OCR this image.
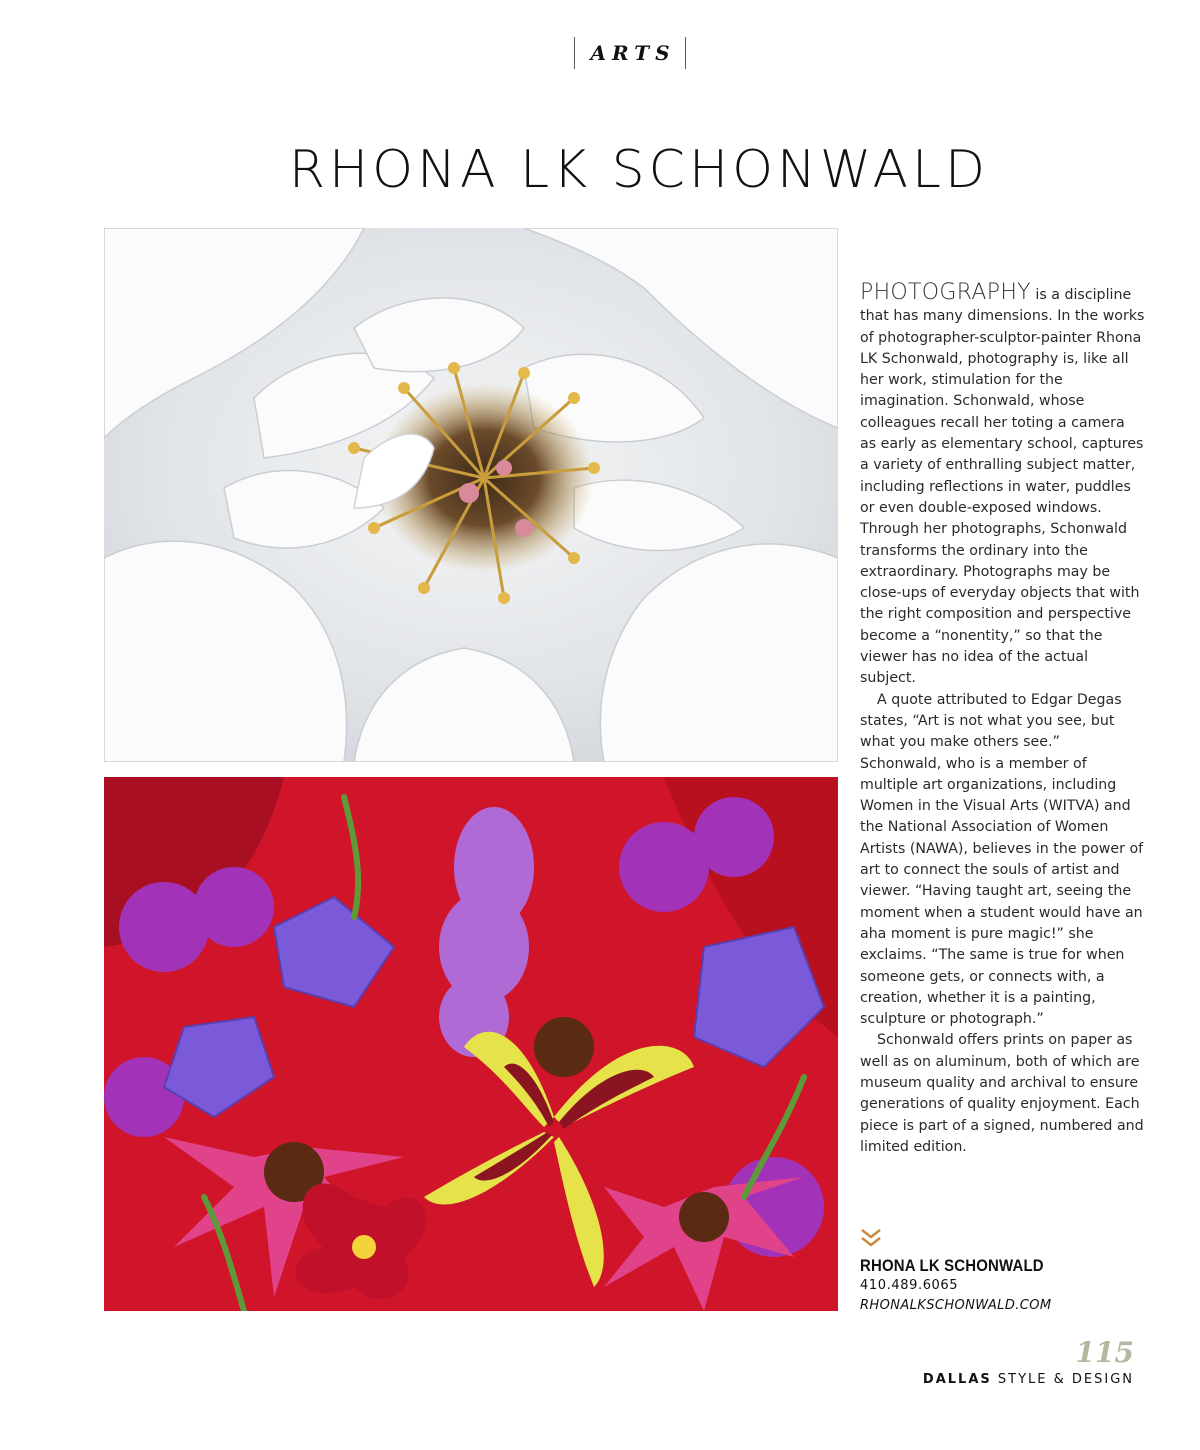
ARTS
RHONA LK SCHONWALD

PHOTOGRAPHY is a discipline that has many dimensions. In the works of photographer-sculptor-painter Rhona LK Schonwald, photography is, like all her work, stimulation for the imagination. Schonwald, whose colleagues recall her toting a camera as early as elementary school, captures a variety of enthralling subject matter, including reflections in water, puddles or even double-exposed windows. Through her photographs, Schonwald transforms the ordinary into the extraordinary. Photographs may be close-ups of everyday objects that with the right composition and perspective become a “nonentity,” so that the viewer has no idea of the actual subject.

A quote attributed to Edgar Degas states, “Art is not what you see, but what you make others see.” Schonwald, who is a member of multiple art organizations, including Women in the Visual Arts (WITVA) and the National Association of Women Artists (NAWA), believes in the power of art to connect the souls of artist and viewer. “Having taught art, seeing the moment when a student would have an aha moment is pure magic!” she exclaims. “The same is true for when someone gets, or connects with, a creation, whether it is a painting, sculpture or photograph.”

Schonwald offers prints on paper as well as on aluminum, both of which are museum quality and archival to ensure generations of quality enjoyment. Each piece is part of a signed, numbered and limited edition.

RHONA LK SCHONWALD
410.489.6065
RHONALKSCHONWALD.COM
115
DALLAS STYLE & DESIGN
